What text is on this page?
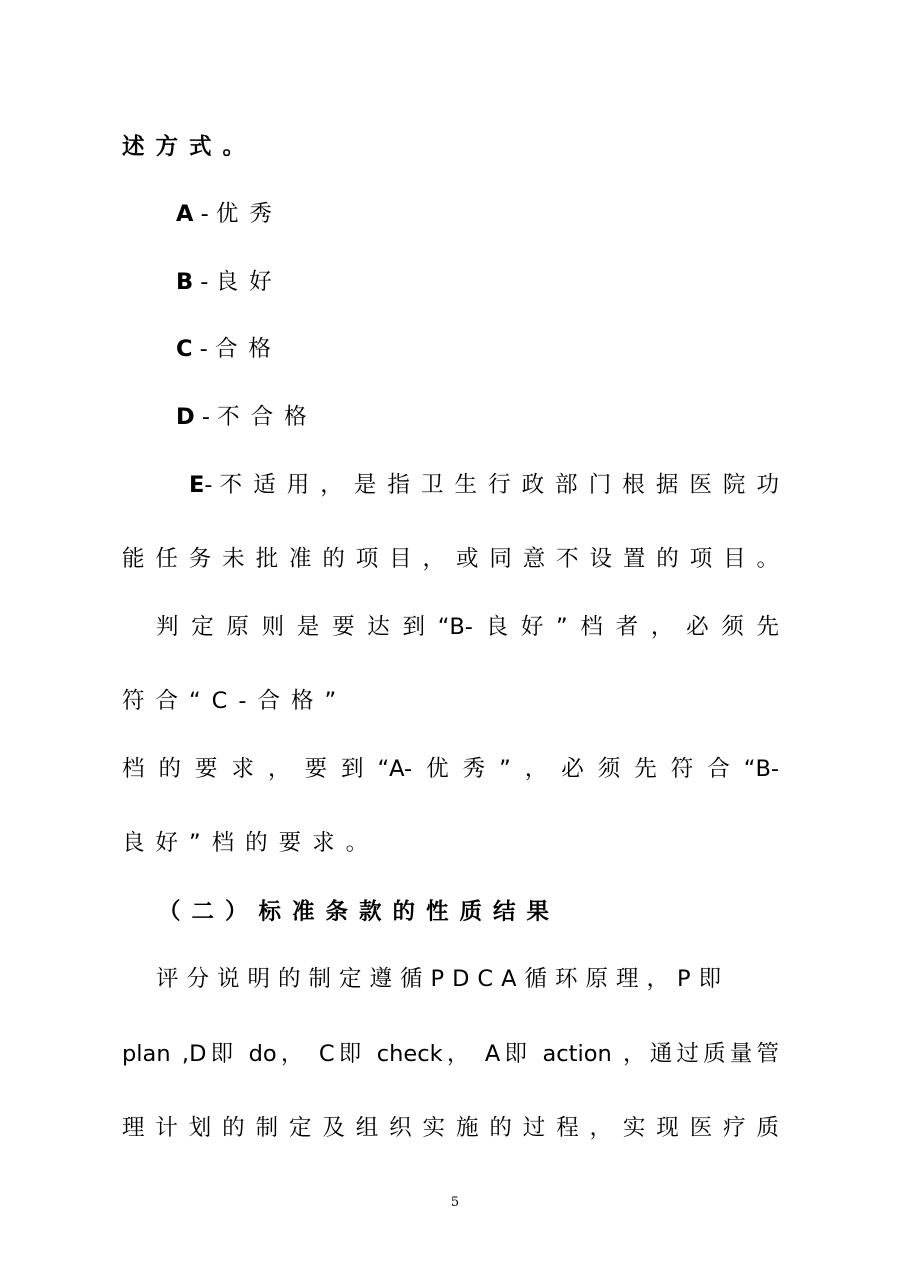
述方式。
A - 优秀
B - 良好
C - 合格
D - 不合格
E - 不适用，是指卫生行政部门根据医院功
能任务未批准的项目，或同意不设置的项目。
判定原则是要达到“B-良好”档者，必须先
符合“C-合格”
档的要求，要到“A-优秀”，必须先符合“B-
良好”档的要求。
（二）标准条款的性质结果
评分说明的制定遵循PDCA循环原理，P即
plan ,D即 do， C即 check， A即 action ，通过质量管
理计划的制定及组织实施的过程，实现医疗质
5
